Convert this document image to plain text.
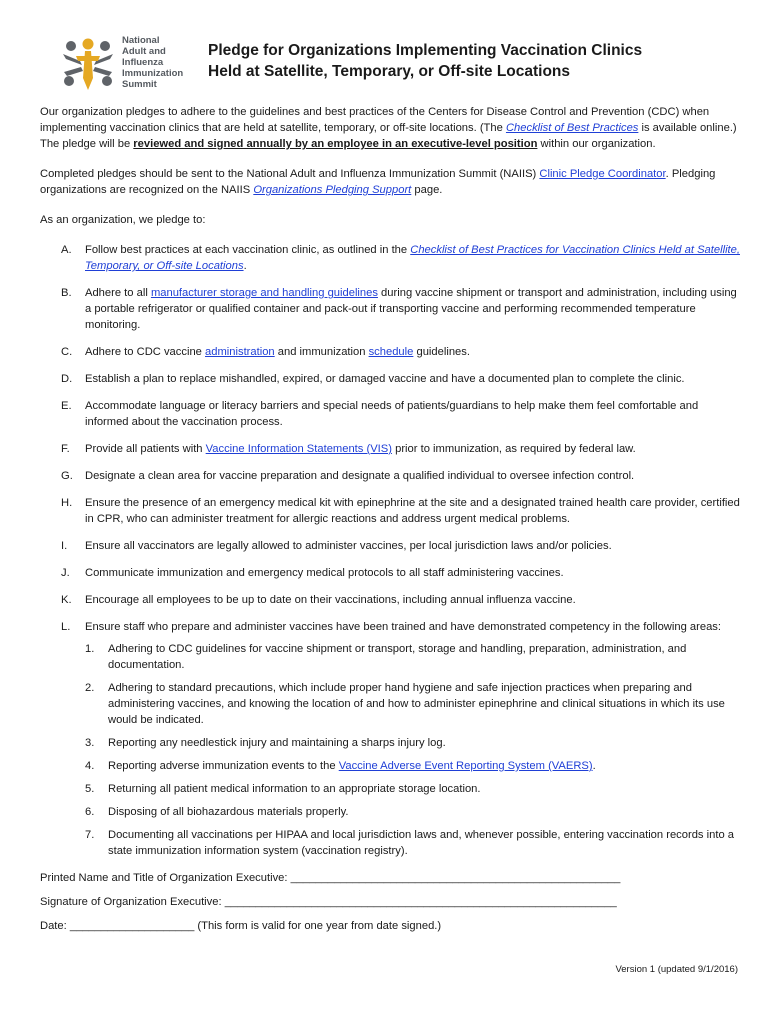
National
Adult and
Influenza
Immunization
Summit
Pledge for Organizations Implementing Vaccination Clinics
Held at Satellite, Temporary, or Off-site Locations

Our organization pledges to adhere to the guidelines and best practices of the Centers for Disease Control and Prevention (CDC) when implementing vaccination clinics that are held at satellite, temporary, or off-site locations. (The Checklist of Best Practices is available online.) The pledge will be reviewed and signed annually by an employee in an executive-level position within our organization.

Completed pledges should be sent to the National Adult and Influenza Immunization Summit (NAIIS) Clinic Pledge Coordinator. Pledging organizations are recognized on the NAIIS Organizations Pledging Support page.

As an organization, we pledge to:

A. Follow best practices at each vaccination clinic, as outlined in the Checklist of Best Practices for Vaccination Clinics Held at Satellite, Temporary, or Off-site Locations.
B. Adhere to all manufacturer storage and handling guidelines during vaccine shipment or transport and administration, including using a portable refrigerator or qualified container and pack-out if transporting vaccine and performing recommended temperature monitoring.
C. Adhere to CDC vaccine administration and immunization schedule guidelines.
D. Establish a plan to replace mishandled, expired, or damaged vaccine and have a documented plan to complete the clinic.
E. Accommodate language or literacy barriers and special needs of patients/guardians to help make them feel comfortable and informed about the vaccination process.
F. Provide all patients with Vaccine Information Statements (VIS) prior to immunization, as required by federal law.
G. Designate a clean area for vaccine preparation and designate a qualified individual to oversee infection control.
H. Ensure the presence of an emergency medical kit with epinephrine at the site and a designated trained health care provider, certified in CPR, who can administer treatment for allergic reactions and address urgent medical problems.
I. Ensure all vaccinators are legally allowed to administer vaccines, per local jurisdiction laws and/or policies.
J. Communicate immunization and emergency medical protocols to all staff administering vaccines.
K. Encourage all employees to be up to date on their vaccinations, including annual influenza vaccine.
L. Ensure staff who prepare and administer vaccines have been trained and have demonstrated competency in the following areas:
1. Adhering to CDC guidelines for vaccine shipment or transport, storage and handling, preparation, administration, and documentation.
2. Adhering to standard precautions, which include proper hand hygiene and safe injection practices when preparing and administering vaccines, and knowing the location of and how to administer epinephrine and clinical situations in which its use would be indicated.
3. Reporting any needlestick injury and maintaining a sharps injury log.
4. Reporting adverse immunization events to the Vaccine Adverse Event Reporting System (VAERS).
5. Returning all patient medical information to an appropriate storage location.
6. Disposing of all biohazardous materials properly.
7. Documenting all vaccinations per HIPAA and local jurisdiction laws and, whenever possible, entering vaccination records into a state immunization information system (vaccination registry).

Printed Name and Title of Organization Executive: _____________________________________________________

Signature of Organization Executive: _______________________________________________________________

Date: ____________________ (This form is valid for one year from date signed.)

Version 1 (updated 9/1/2016)
